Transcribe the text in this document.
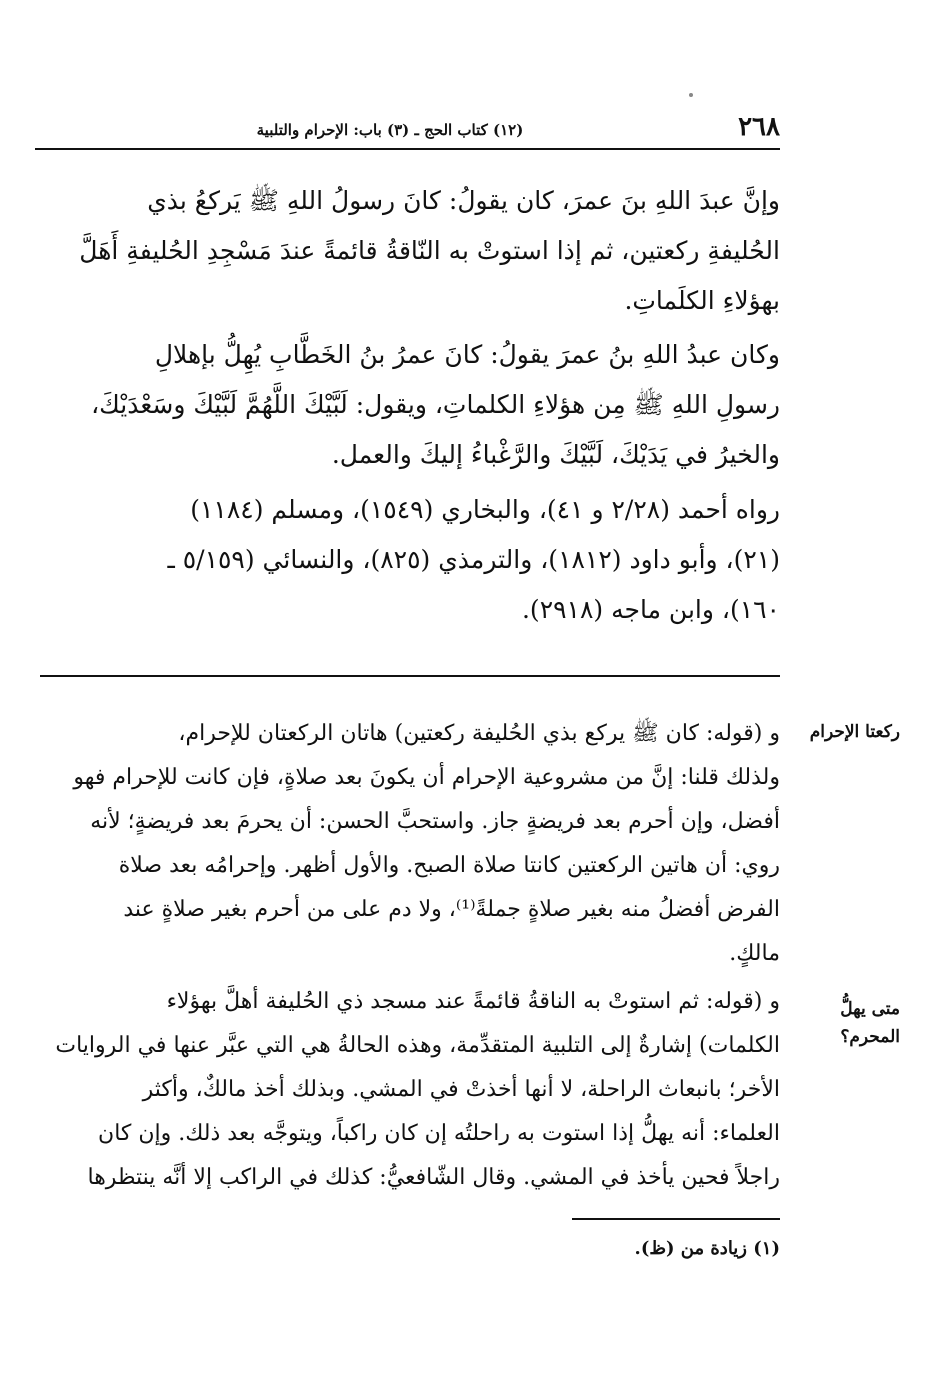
٢٦٨
(١٢) كتاب الحج ـ (٣) باب: الإحرام والتلبية
وإنَّ عبدَ اللهِ بنَ عمرَ، كان يقولُ: كانَ رسولُ اللهِ ﷺ يَركعُ بذي
الحُليفةِ ركعتين، ثم إذا استوتْ به النّاقةُ قائمةً عندَ مَسْجِدِ الحُليفةِ أَهَلَّ
بهؤلاءِ الكلَماتِ.
وكان عبدُ اللهِ بنُ عمرَ يقولُ: كانَ عمرُ بنُ الخَطَّابِ يُهِلُّ بإهلالِ
رسولِ اللهِ ﷺ مِن هؤلاءِ الكلماتِ، ويقول: لَبَّيْكَ اللَّهُمَّ لَبَّيْكَ وسَعْدَيْكَ،
والخيرُ في يَدَيْكَ، لَبَّيْكَ والرَّغْباءُ إليكَ والعمل.
رواه أحمد (٢/٢٨ و ٤١)، والبخاري (١٥٤٩)، ومسلم (١١٨٤)
(٢١)، وأبو داود (١٨١٢)، والترمذي (٨٢٥)، والنسائي (٥/١٥٩ ـ
١٦٠)، وابن ماجه (٢٩١٨).
ركعتا الإحرام
و (قوله: كان ﷺ يركع بذي الحُليفة ركعتين) هاتان الركعتان للإحرام،
ولذلك قلنا: إنَّ من مشروعية الإحرام أن يكونَ بعد صلاةٍ، فإن كانت للإحرام فهو
أفضل، وإن أحرم بعد فريضةٍ جاز. واستحبَّ الحسن: أن يحرمَ بعد فريضةٍ؛ لأنه
روي: أن هاتين الركعتين كانتا صلاة الصبح. والأول أظهر. وإحرامُه بعد صلاة
الفرض أفضلُ منه بغير صلاةٍ جملةً⁽¹⁾، ولا دم على من أحرم بغير صلاةٍ عند
مالكٍ.
متى يهلُّ
المحرم؟
و (قوله: ثم استوتْ به الناقةُ قائمةً عند مسجد ذي الحُليفة أهلَّ بهؤلاء
الكلمات) إشارةٌ إلى التلبية المتقدِّمة، وهذه الحالةُ هي التي عبَّر عنها في الروايات
الأخر؛ بانبعاث الراحلة، لا أنها أخذتْ في المشي. وبذلك أخذ مالكٌ، وأكثر
العلماء: أنه يهلُّ إذا استوت به راحلتُه إن كان راكباً، ويتوجَّه بعد ذلك. وإن كان
راجلاً فحين يأخذ في المشي. وقال الشّافعيُّ: كذلك في الراكب إلا أنَّه ينتظرها
(١) زيادة من (ظ).
